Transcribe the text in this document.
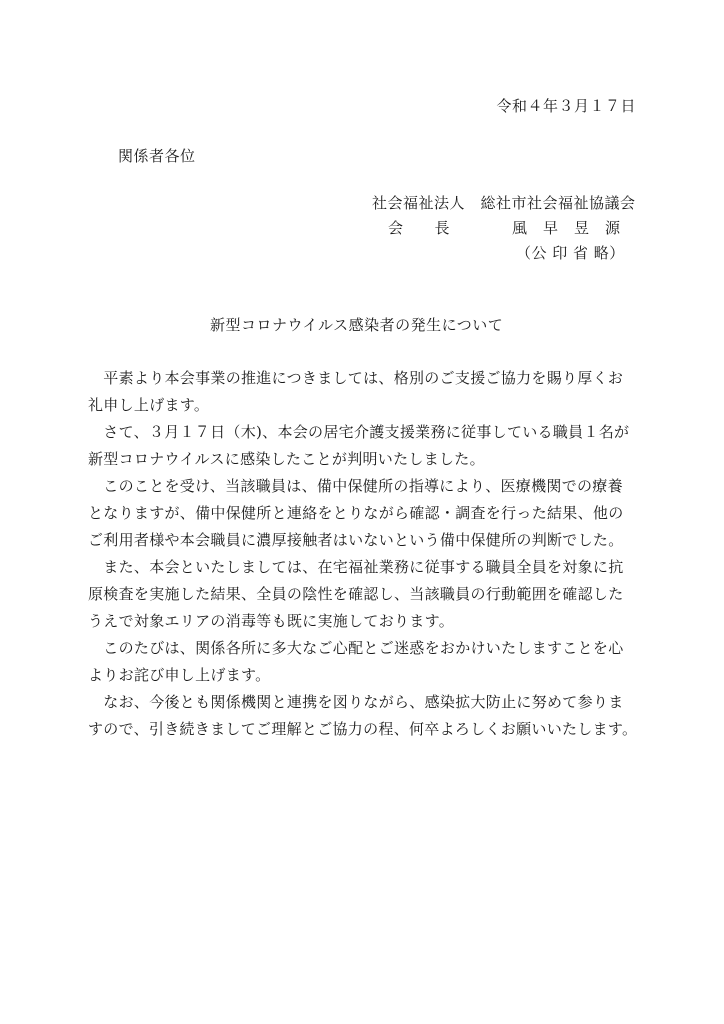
令和４年３月１７日
関係者各位
社会福祉法人　総社市社会福祉協議会
会　　長	風　早　昱　源
（公 印 省 略）
新型コロナウイルス感染者の発生について
　平素より本会事業の推進につきましては、格別のご支援ご協力を賜り厚くお
礼申し上げます。
　さて、３月１７日（木)、本会の居宅介護支援業務に従事している職員１名が
新型コロナウイルスに感染したことが判明いたしました。
　このことを受け、当該職員は、備中保健所の指導により、医療機関での療養
となりますが、備中保健所と連絡をとりながら確認・調査を行った結果、他の
ご利用者様や本会職員に濃厚接触者はいないという備中保健所の判断でした。
　また、本会といたしましては、在宅福祉業務に従事する職員全員を対象に抗
原検査を実施した結果、全員の陰性を確認し、当該職員の行動範囲を確認した
うえで対象エリアの消毒等も既に実施しております。
　このたびは、関係各所に多大なご心配とご迷惑をおかけいたしますことを心
よりお詫び申し上げます。
　なお、今後とも関係機関と連携を図りながら、感染拡大防止に努めて参りま
すので、引き続きましてご理解とご協力の程、何卒よろしくお願いいたします。
